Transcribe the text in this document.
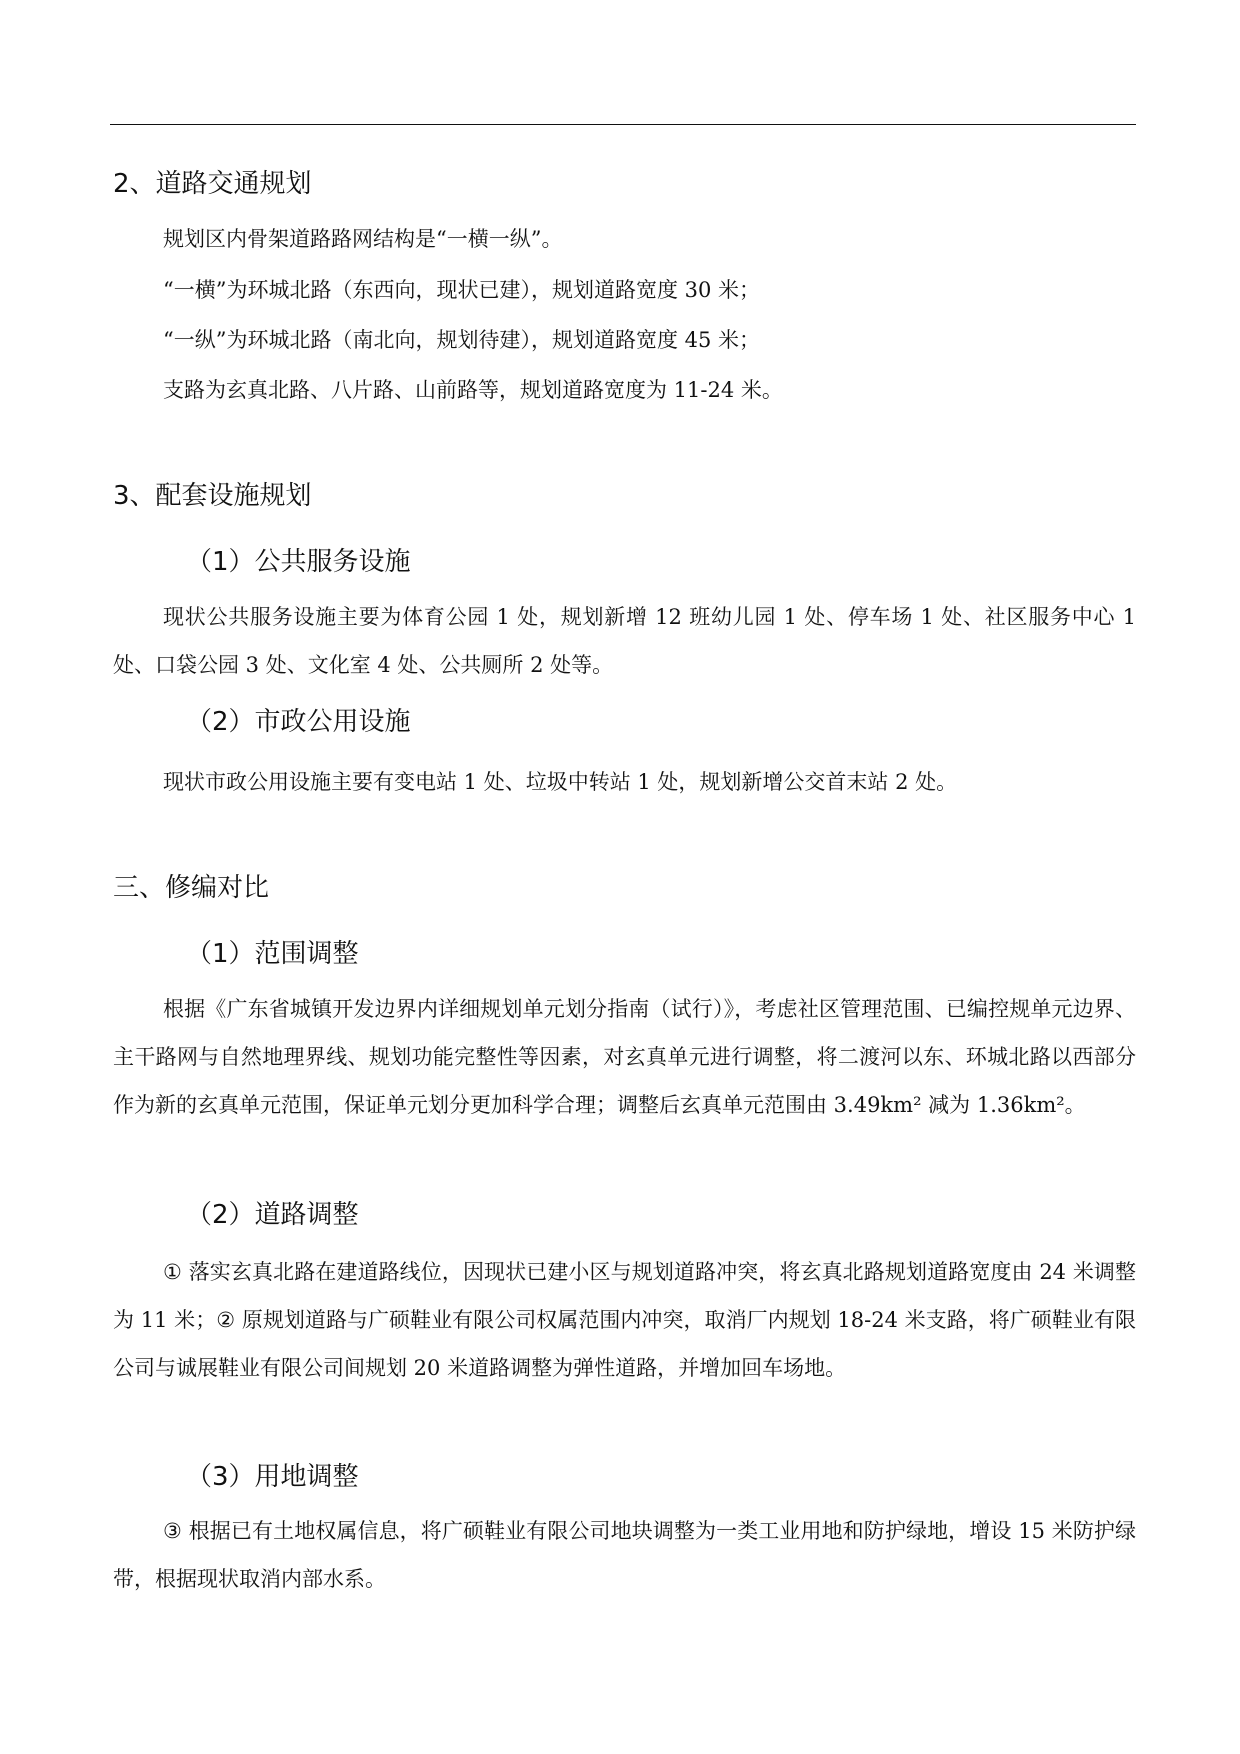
2、道路交通规划

规划区内骨架道路路网结构是“一横一纵”。

“一横”为环城北路（东西向，现状已建），规划道路宽度 30 米；

“一纵”为环城北路（南北向，规划待建），规划道路宽度 45 米；

支路为玄真北路、八片路、山前路等，规划道路宽度为 11-24 米。

3、配套设施规划
（1）公共服务设施

现状公共服务设施主要为体育公园 1 处，规划新增 12 班幼儿园 1 处、停车场 1 处、社区服务中心 1 处、口袋公园 3 处、文化室 4 处、公共厕所 2 处等。

（2）市政公用设施

现状市政公用设施主要有变电站 1 处、垃圾中转站 1 处，规划新增公交首末站 2 处。

三、修编对比
（1）范围调整

根据《广东省城镇开发边界内详细规划单元划分指南（试行）》，考虑社区管理范围、已编控规单元边界、主干路网与自然地理界线、规划功能完整性等因素，对玄真单元进行调整，将二渡河以东、环城北路以西部分作为新的玄真单元范围，保证单元划分更加科学合理；调整后玄真单元范围由 3.49km² 减为 1.36km²。

（2）道路调整

① 落实玄真北路在建道路线位，因现状已建小区与规划道路冲突，将玄真北路规划道路宽度由 24 米调整为 11 米；② 原规划道路与广硕鞋业有限公司权属范围内冲突，取消厂内规划 18-24 米支路，将广硕鞋业有限公司与诚展鞋业有限公司间规划 20 米道路调整为弹性道路，并增加回车场地。

（3）用地调整

③ 根据已有土地权属信息，将广硕鞋业有限公司地块调整为一类工业用地和防护绿地，增设 15 米防护绿带，根据现状取消内部水系。
